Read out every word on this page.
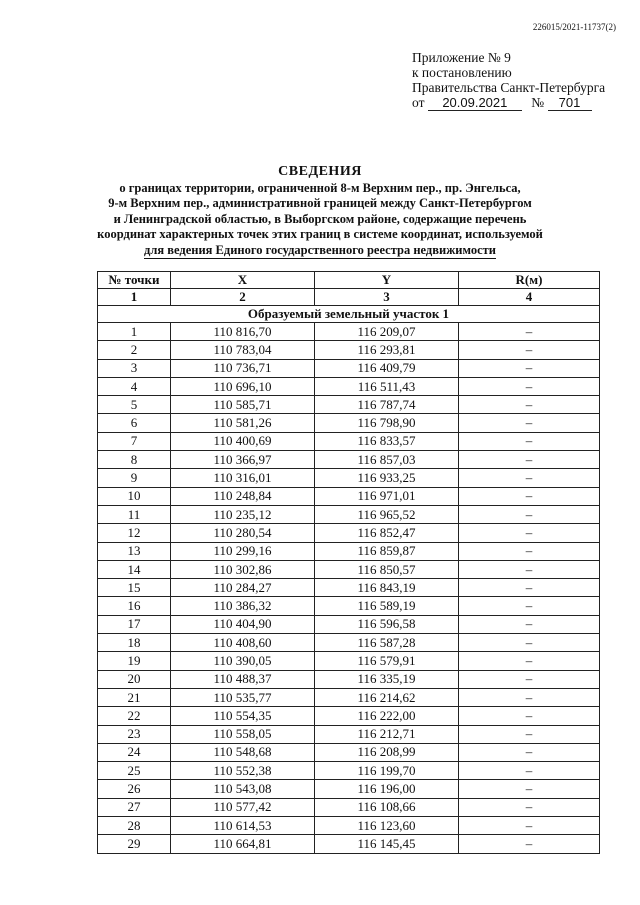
226015/2021-11737(2)
Приложение № 9
к постановлению
Правительства Санкт-Петербурга
от 20.09.2021 № 701
СВЕДЕНИЯ
о границах территории, ограниченной 8-м Верхним пер., пр. Энгельса,
9-м Верхним пер., административной границей между Санкт-Петербургом
и Ленинградской областью, в Выборгском районе, содержащие перечень
координат характерных точек этих границ в системе координат, используемой
для ведения Единого государственного реестра недвижимости
№ точки	X	Y	R(м)
1	2	3	4
Образуемый земельный участок 1			
1	110 816,70	116 209,07	–
2	110 783,04	116 293,81	–
3	110 736,71	116 409,79	–
4	110 696,10	116 511,43	–
5	110 585,71	116 787,74	–
6	110 581,26	116 798,90	–
7	110 400,69	116 833,57	–
8	110 366,97	116 857,03	–
9	110 316,01	116 933,25	–
10	110 248,84	116 971,01	–
11	110 235,12	116 965,52	–
12	110 280,54	116 852,47	–
13	110 299,16	116 859,87	–
14	110 302,86	116 850,57	–
15	110 284,27	116 843,19	–
16	110 386,32	116 589,19	–
17	110 404,90	116 596,58	–
18	110 408,60	116 587,28	–
19	110 390,05	116 579,91	–
20	110 488,37	116 335,19	–
21	110 535,77	116 214,62	–
22	110 554,35	116 222,00	–
23	110 558,05	116 212,71	–
24	110 548,68	116 208,99	–
25	110 552,38	116 199,70	–
26	110 543,08	116 196,00	–
27	110 577,42	116 108,66	–
28	110 614,53	116 123,60	–
29	110 664,81	116 145,45	–
